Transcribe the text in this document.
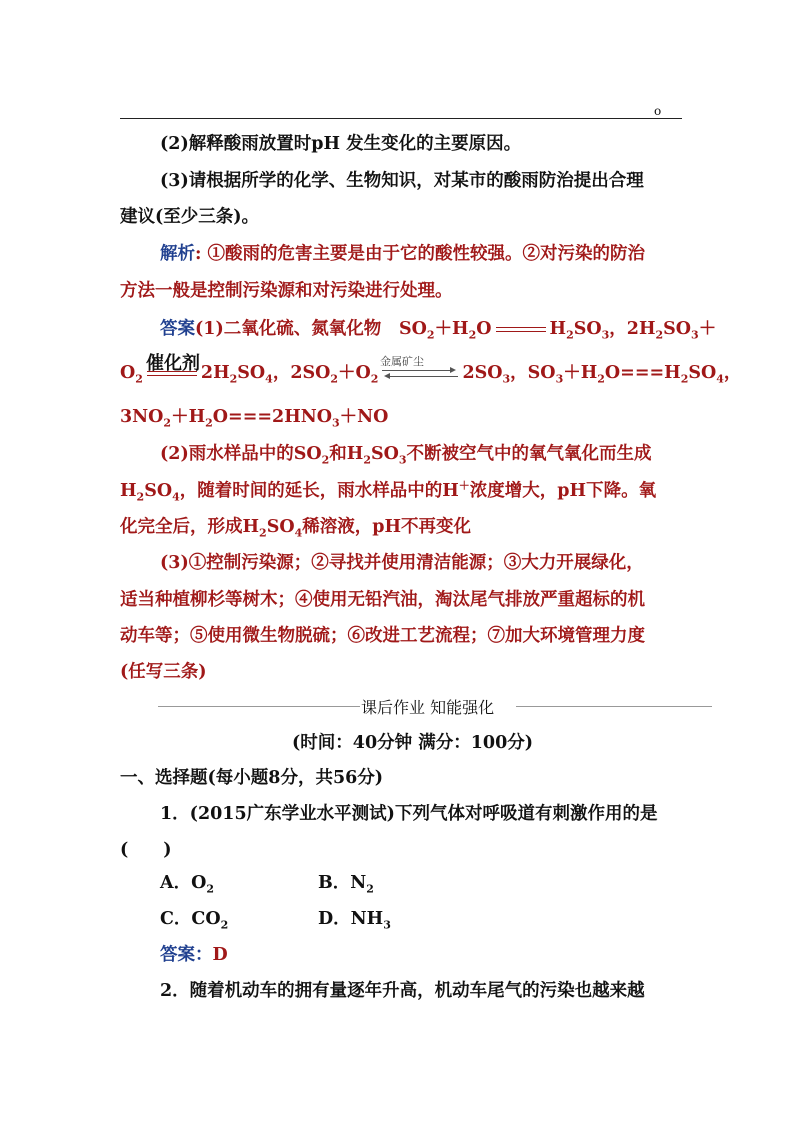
o
(2)解释酸雨放置时pH 发生变化的主要原因。
(3)请根据所学的化学、生物知识，对某市的酸雨防治提出合理
建议(至少三条)。
解析: ①酸雨的危害主要是由于它的酸性较强。②对污染的防治
方法一般是控制污染源和对污染进行处理。
答案(1)二氧化硫、氮氧化物   $SO_2+H_2O$	$H_2SO_3$，$2H_2SO_3+$
催化剂	金属矿尘
$O_2$	$2H_2SO_4$，$2SO_2+O_2$	$2SO_3$，$SO_3+H_2O===H_2SO_4$，
$3NO_2+H_2O===2HNO_3+NO$
(2)雨水样品中的$SO_2$和$H_2SO_3$不断被空气中的氧气氧化而生成
$H_2SO_4$，随着时间的延长，雨水样品中的H＋浓度增大，pH下降。氧
化完全后，形成$H_2SO_4$稀溶液，pH不再变化
(3)①控制污染源；②寻找并使用清洁能源；③大力开展绿化，
适当种植柳杉等树木；④使用无铅汽油，淘汰尾气排放严重超标的机
动车等；⑤使用微生物脱硫；⑥改进工艺流程；⑦加大环境管理力度
(任写三条)
课后作业 知能强化
(时间：40分钟 满分：100分)
一、选择题(每小题8分，共56分)
1．(2015广东学业水平测试)下列气体对呼吸道有刺激作用的是
(　　)
A．$O_2$	B．$N_2$
C．$CO_2$	D．$NH_3$
答案：D
2．随着机动车的拥有量逐年升高，机动车尾气的污染也越来越
